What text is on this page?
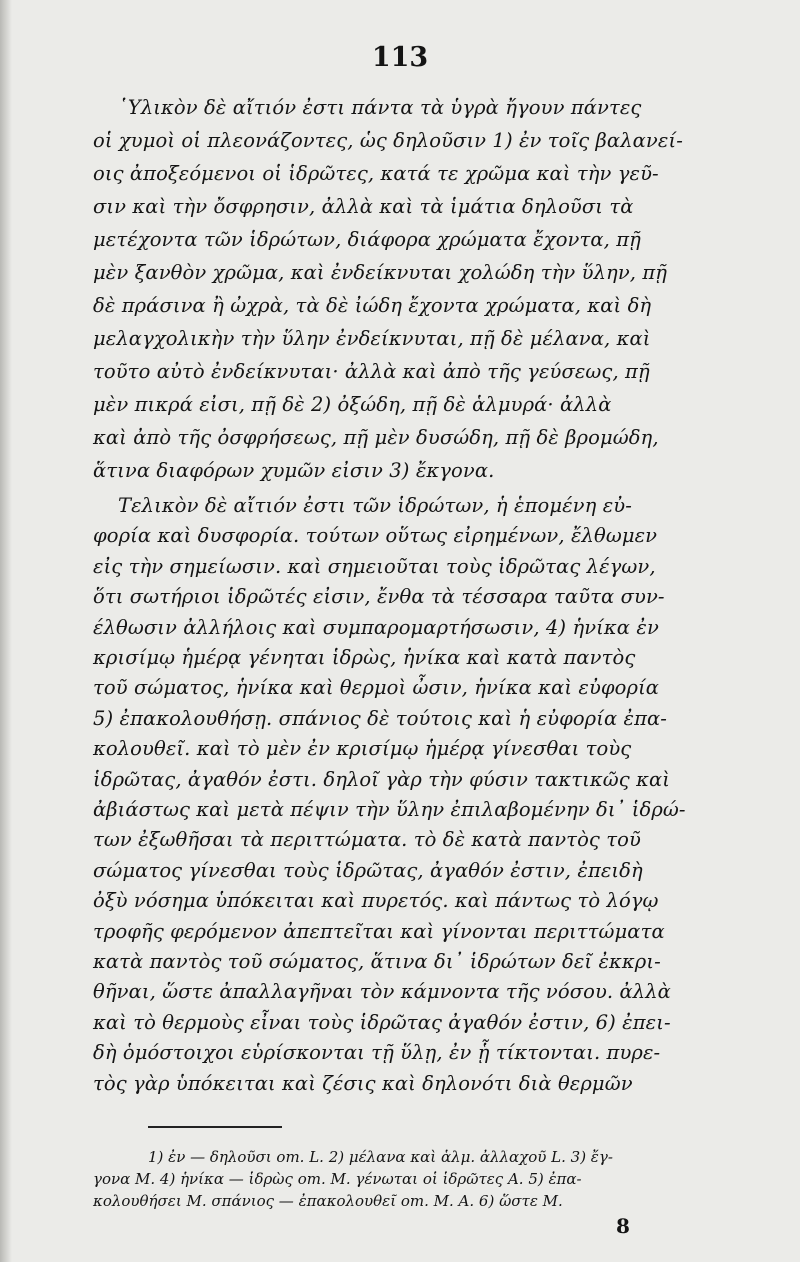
113
῾Υλικὸν δὲ αἴτιόν ἐστι πάντα τὰ ὑγρὰ ἤγουν πάντες
οἱ χυμοὶ οἱ πλεονάζοντες, ὡς δηλοῦσιν 1) ἐν τοῖς βαλανεί-
οις ἀποξεόμενοι οἱ ἱδρῶτες, κατά τε χρῶμα καὶ τὴν γεῦ-
σιν καὶ τὴν ὄσφρησιν, ἀλλὰ καὶ τὰ ἱμάτια δηλοῦσι τὰ
μετέχοντα τῶν ἱδρώτων, διάφορα χρώματα ἔχοντα, πῇ
μὲν ξανθὸν χρῶμα, καὶ ἐνδείκνυται χολώδη τὴν ὕλην, πῇ
δὲ πράσινα ἢ ὠχρὰ, τὰ δὲ ἰώδη ἔχοντα χρώματα, καὶ δὴ
μελαγχολικὴν τὴν ὕλην ἐνδείκνυται, πῇ δὲ μέλανα, καὶ
τοῦτο αὐτὸ ἐνδείκνυται· ἀλλὰ καὶ ἀπὸ τῆς γεύσεως, πῇ
μὲν πικρά εἰσι, πῇ δὲ 2) ὀξώδη, πῇ δὲ ἁλμυρά· ἀλλὰ
καὶ ἀπὸ τῆς ὀσφρήσεως, πῇ μὲν δυσώδη, πῇ δὲ βρομώδη,
ἅτινα διαφόρων χυμῶν εἰσιν 3) ἔκγονα.
Τελικὸν δὲ αἴτιόν ἐστι τῶν ἱδρώτων, ἡ ἑπομένη εὐ-
φορία καὶ δυσφορία. τούτων οὕτως εἰρημένων, ἔλθωμεν
εἰς τὴν σημείωσιν. καὶ σημειοῦται τοὺς ἱδρῶτας λέγων,
ὅτι σωτήριοι ἱδρῶτές εἰσιν, ἔνθα τὰ τέσσαρα ταῦτα συν-
έλθωσιν ἀλλήλοις καὶ συμπαρομαρτήσωσιν, 4) ἡνίκα ἐν
κρισίμῳ ἡμέρᾳ γένηται ἱδρὼς, ἡνίκα καὶ κατὰ παντὸς
τοῦ σώματος, ἡνίκα καὶ θερμοὶ ὦσιν, ἡνίκα καὶ εὐφορία
5) ἐπακολουθήσῃ. σπάνιος δὲ τούτοις καὶ ἡ εὐφορία ἐπα-
κολουθεῖ. καὶ τὸ μὲν ἐν κρισίμῳ ἡμέρᾳ γίνεσθαι τοὺς
ἱδρῶτας, ἀγαθόν ἐστι. δηλοῖ γὰρ τὴν φύσιν τακτικῶς καὶ
ἀβιάστως καὶ μετὰ πέψιν τὴν ὕλην ἐπιλαβομένην δι᾽ ἱδρώ-
των ἐξωθῆσαι τὰ περιττώματα. τὸ δὲ κατὰ παντὸς τοῦ
σώματος γίνεσθαι τοὺς ἱδρῶτας, ἀγαθόν ἐστιν, ἐπειδὴ
ὀξὺ νόσημα ὑπόκειται καὶ πυρετός. καὶ πάντως τὸ λόγῳ
τροφῆς φερόμενον ἀπεπτεῖται καὶ γίνονται περιττώματα
κατὰ παντὸς τοῦ σώματος, ἅτινα δι᾽ ἱδρώτων δεῖ ἐκκρι-
θῆναι, ὥστε ἀπαλλαγῆναι τὸν κάμνοντα τῆς νόσου. ἀλλὰ
καὶ τὸ θερμοὺς εἶναι τοὺς ἱδρῶτας ἀγαθόν ἐστιν, 6) ἐπει-
δὴ ὁμόστοιχοι εὑρίσκονται τῇ ὕλῃ, ἐν ᾗ τίκτονται. πυρε-
τὸς γὰρ ὑπόκειται καὶ ζέσις καὶ δηλονότι διὰ θερμῶν
1) ἐν — δηλοῦσι om. L. 2) μέλανα καὶ ἁλμ. ἀλλαχοῦ L. 3) ἔγ-
γονα M. 4) ἡνίκα — ἱδρὼς om. M. γένωται οἱ ἱδρῶτες A. 5) ἐπα-
κολουθήσει M. σπάνιος — ἐπακολουθεῖ om. M. A. 6) ὥστε M.
8
